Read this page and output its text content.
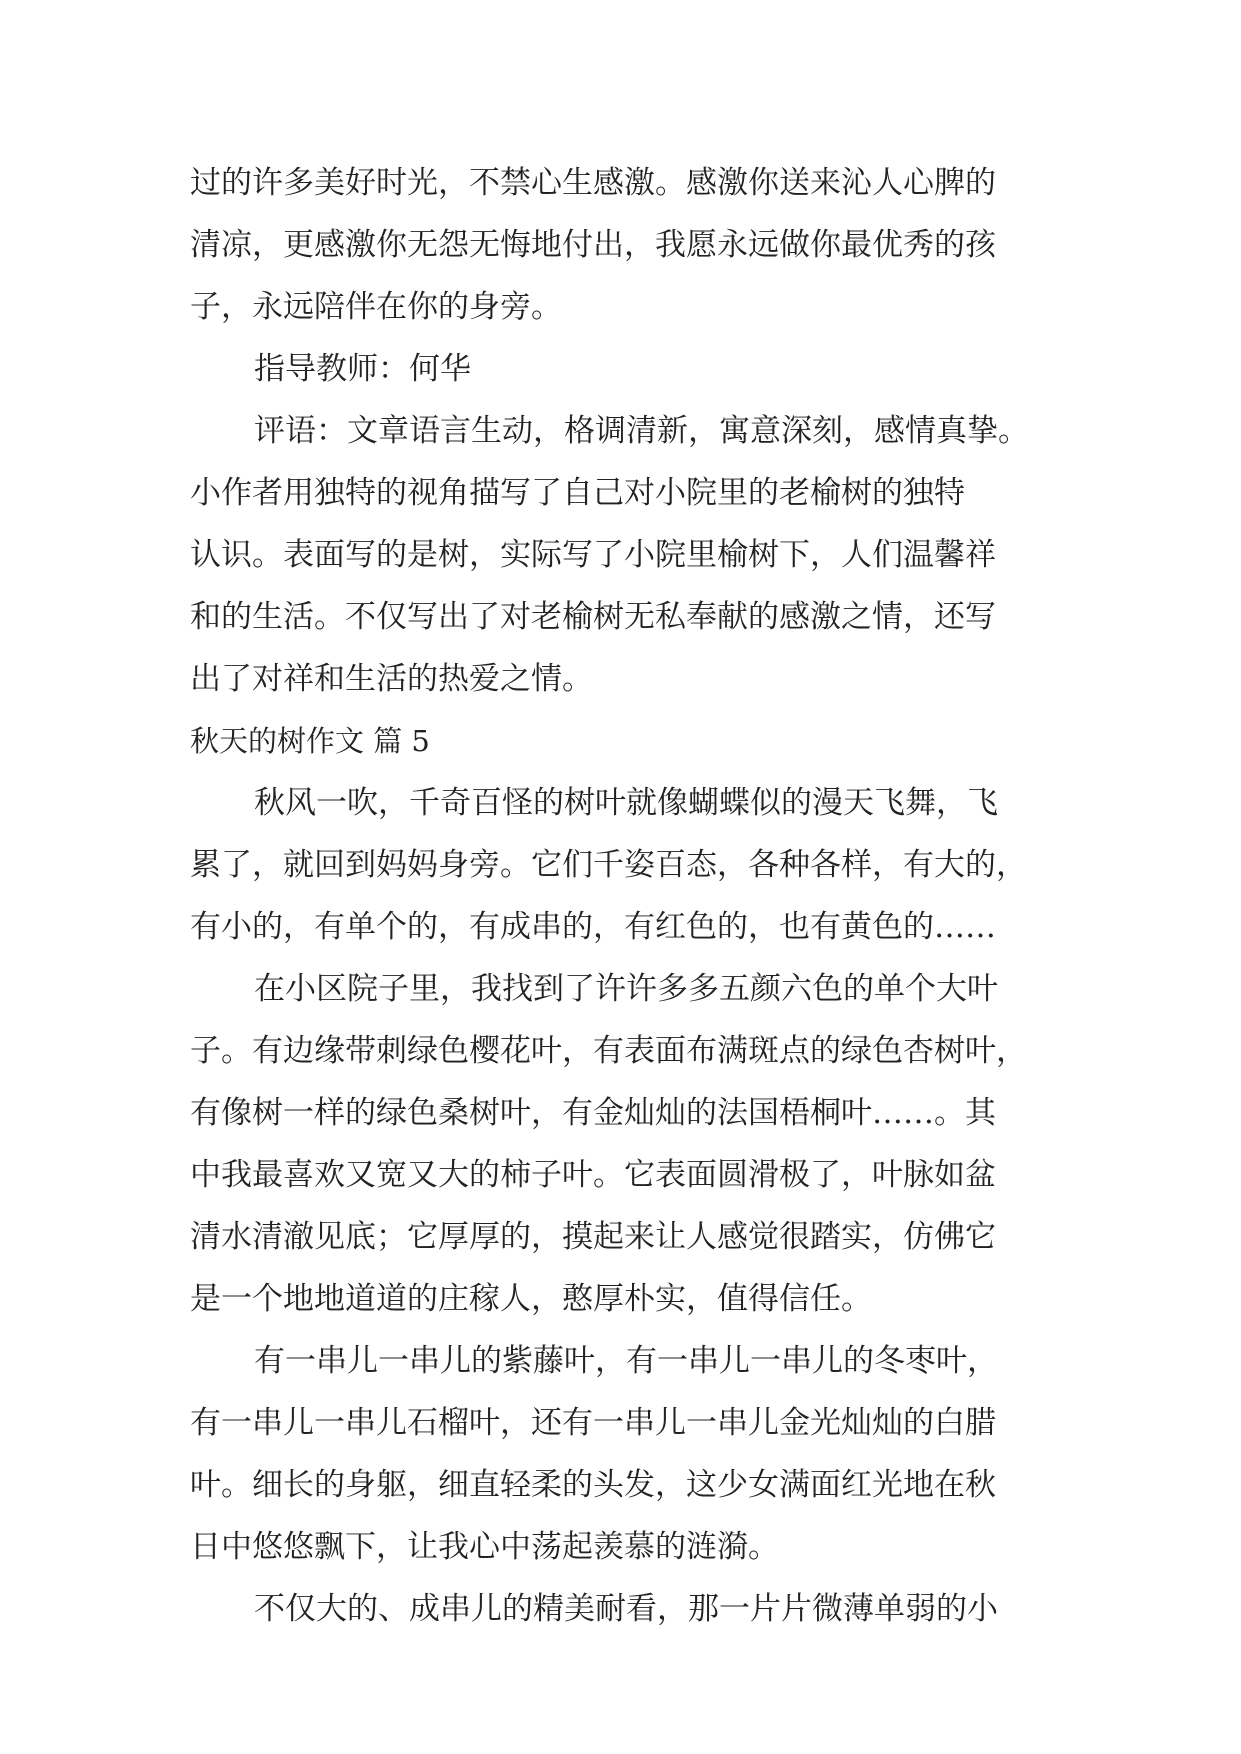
过的许多美好时光，不禁心生感激。感激你送来沁人心脾的
清凉，更感激你无怨无悔地付出，我愿永远做你最优秀的孩
子，永远陪伴在你的身旁。
指导教师：何华
评语：文章语言生动，格调清新，寓意深刻，感情真挚。
小作者用独特的视角描写了自己对小院里的老榆树的独特
认识。表面写的是树，实际写了小院里榆树下，人们温馨祥
和的生活。不仅写出了对老榆树无私奉献的感激之情，还写
出了对祥和生活的热爱之情。
秋天的树作文 篇 5
秋风一吹，千奇百怪的树叶就像蝴蝶似的漫天飞舞，飞
累了，就回到妈妈身旁。它们千姿百态，各种各样，有大的，
有小的，有单个的，有成串的，有红色的，也有黄色的……
在小区院子里，我找到了许许多多五颜六色的单个大叶
子。有边缘带刺绿色樱花叶，有表面布满斑点的绿色杏树叶，
有像树一样的绿色桑树叶，有金灿灿的法国梧桐叶……。其
中我最喜欢又宽又大的柿子叶。它表面圆滑极了，叶脉如盆
清水清澈见底；它厚厚的，摸起来让人感觉很踏实，仿佛它
是一个地地道道的庄稼人，憨厚朴实，值得信任。
有一串儿一串儿的紫藤叶，有一串儿一串儿的冬枣叶，
有一串儿一串儿石榴叶，还有一串儿一串儿金光灿灿的白腊
叶。细长的身躯，细直轻柔的头发，这少女满面红光地在秋
日中悠悠飘下，让我心中荡起羡慕的涟漪。
不仅大的、成串儿的精美耐看，那一片片微薄单弱的小
